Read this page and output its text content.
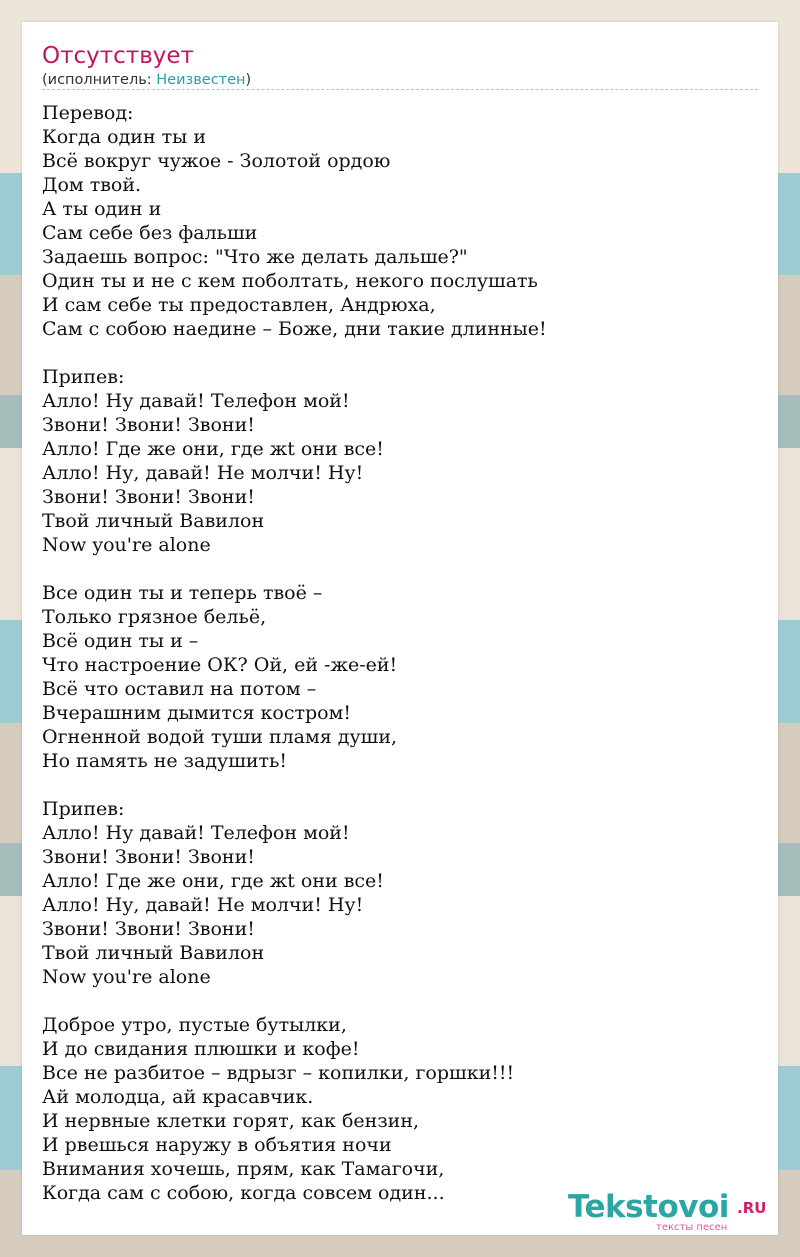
Отсутствует
(исполнитель: Неизвестен)
Перевод:
Когда один ты и
Всё вокруг чужое - Золотой ордою
Дом твой.
А ты один и
Сам себе без фальши
Задаешь вопрос: "Что же делать дальше?"
Один ты и не с кем поболтать, некого послушать
И сам себе ты предоставлен, Андрюха,
Сам с собою наедине – Боже, дни такие длинные!

Припев:
Алло! Ну давай! Телефон мой!
Звони! Звони! Звони!
Алло! Где же они, где жt они все!
Алло! Ну, давай! Не молчи! Ну!
Звони! Звони! Звони!
Твой личный Вавилон
Now you're alone

Все один ты и теперь твоё –
Только грязное бельё,
Всё один ты и –
Что настроение ОК? Ой, ей -же-ей!
Всё что оставил на потом –
Вчерашним дымится костром!
Огненной водой туши пламя души,
Но память не задушить!

Припев:
Алло! Ну давай! Телефон мой!
Звони! Звони! Звони!
Алло! Где же они, где жt они все!
Алло! Ну, давай! Не молчи! Ну!
Звони! Звони! Звони!
Твой личный Вавилон
Now you're alone

Доброе утро, пустые бутылки,
И до свидания плюшки и кофе!
Все не разбитое – вдрызг – копилки, горшки!!!
Ай молодца, ай красавчик.
И нервные клетки горят, как бензин,
И рвешься наружу в объятия ночи
Внимания хочешь, прям, как Тамагочи,
Когда сам с собою, когда совсем один...	Tekstovoi .RU
тексты песен
